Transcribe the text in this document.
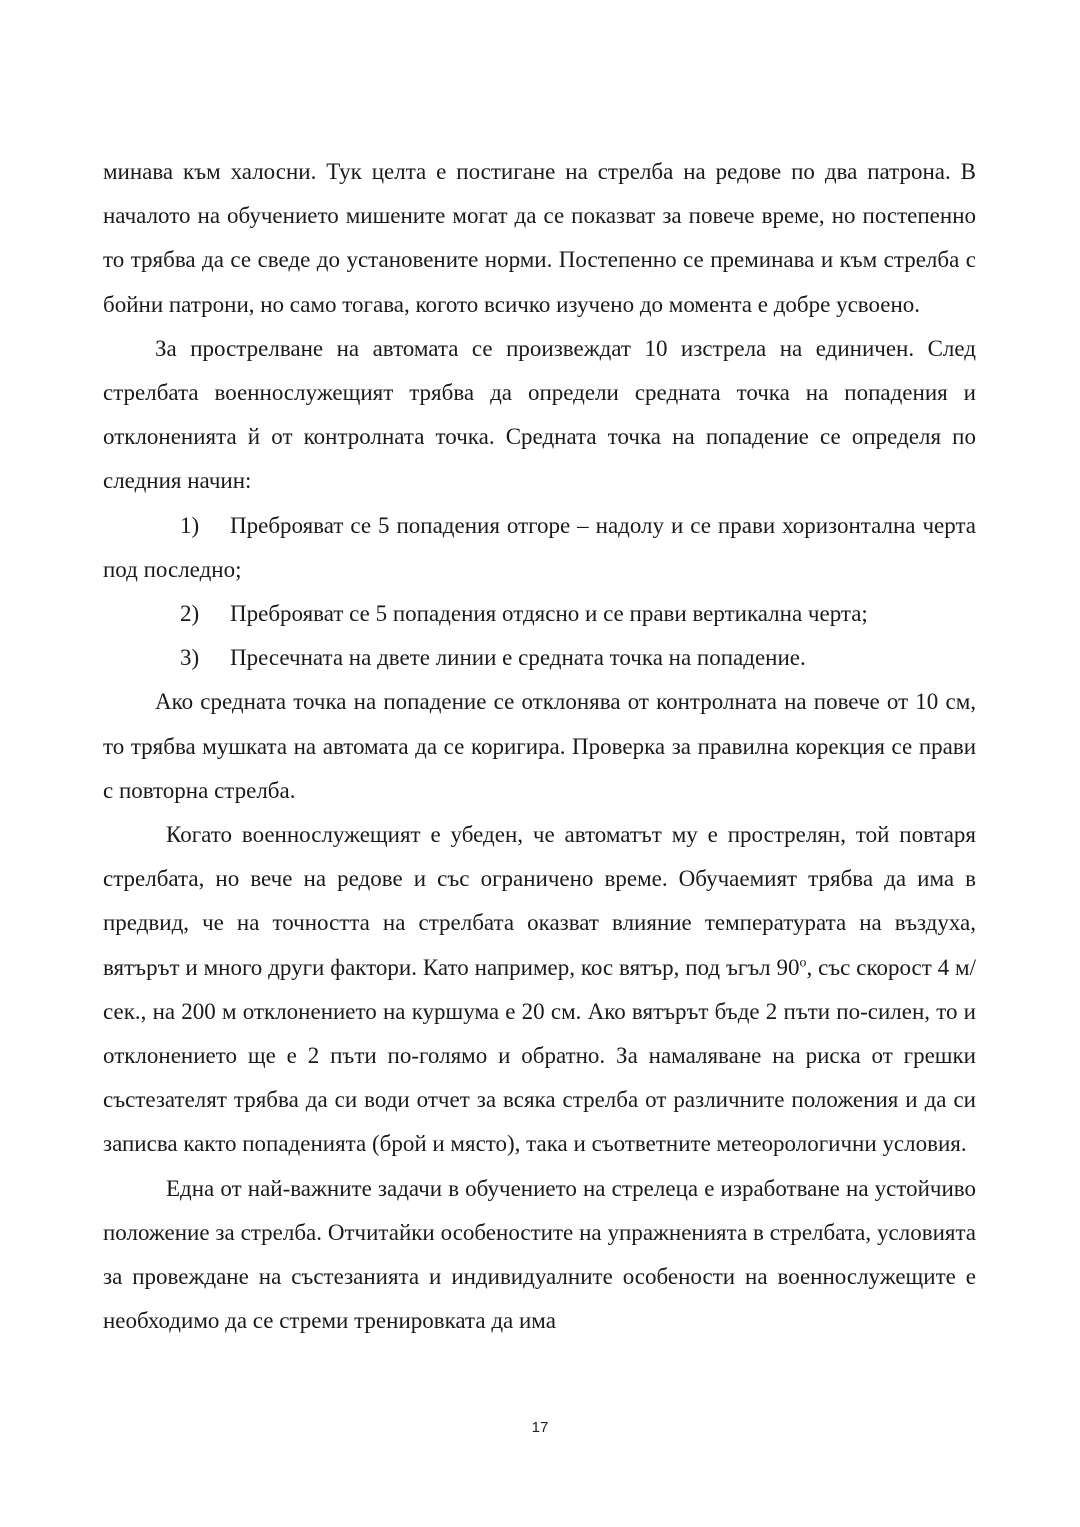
минава към халосни. Тук целта е постигане на стрелба на редове по два патрона. В началото на обучението мишените могат да се показват за повече време, но постепенно то трябва да се сведе до установените норми. Постепенно се преминава и към стрелба с бойни патрони, но само тогава, когото всичко изучено до момента е добре усвоено.

За прострелване на автомата се произвеждат 10 изстрела на единичен. След стрелбата военнослужещият трябва да определи средната точка на попадения и отклоненията й от контролната точка. Средната точка на попадение се определя по следния начин:

1) Преброяват се 5 попадения отгоре – надолу и се прави хоризонтална черта под последно;

2) Преброяват се 5 попадения отдясно и се прави вертикална черта;

3) Пресечната на двете линии е средната точка на попадение.

Ако средната точка на попадение се отклонява от контролната на повече от 10 см, то трябва мушката на автомата да се коригира. Проверка за правилна корекция се прави с повторна стрелба.

Когато военнослужещият е убеден, че автоматът му е прострелян, той повтаря стрелбата, но вече на редове и със ограничено време. Обучаемият трябва да има в предвид, че на точността на стрелбата оказват влияние температурата на въздуха, вятърът и много други фактори. Като например, кос вятър, под ъгъл $90^о$, със скорост 4 м/сек., на 200 м отклонението на куршума е 20 см. Ако вятърът бъде 2 пъти по-силен, то и отклонението ще е 2 пъти по-голямо и обратно. За намаляване на риска от грешки състезателят трябва да си води отчет за всяка стрелба от различните положения и да си записва както попаденията (брой и място), така и съответните метеорологични условия.

Една от най-важните задачи в обучението на стрелеца е изработване на устойчиво положение за стрелба. Отчитайки особеностите на упражненията в стрелбата, условията за провеждане на състезанията и индивидуалните особености на военнослужещите е необходимо да се стреми тренировката да има

17
